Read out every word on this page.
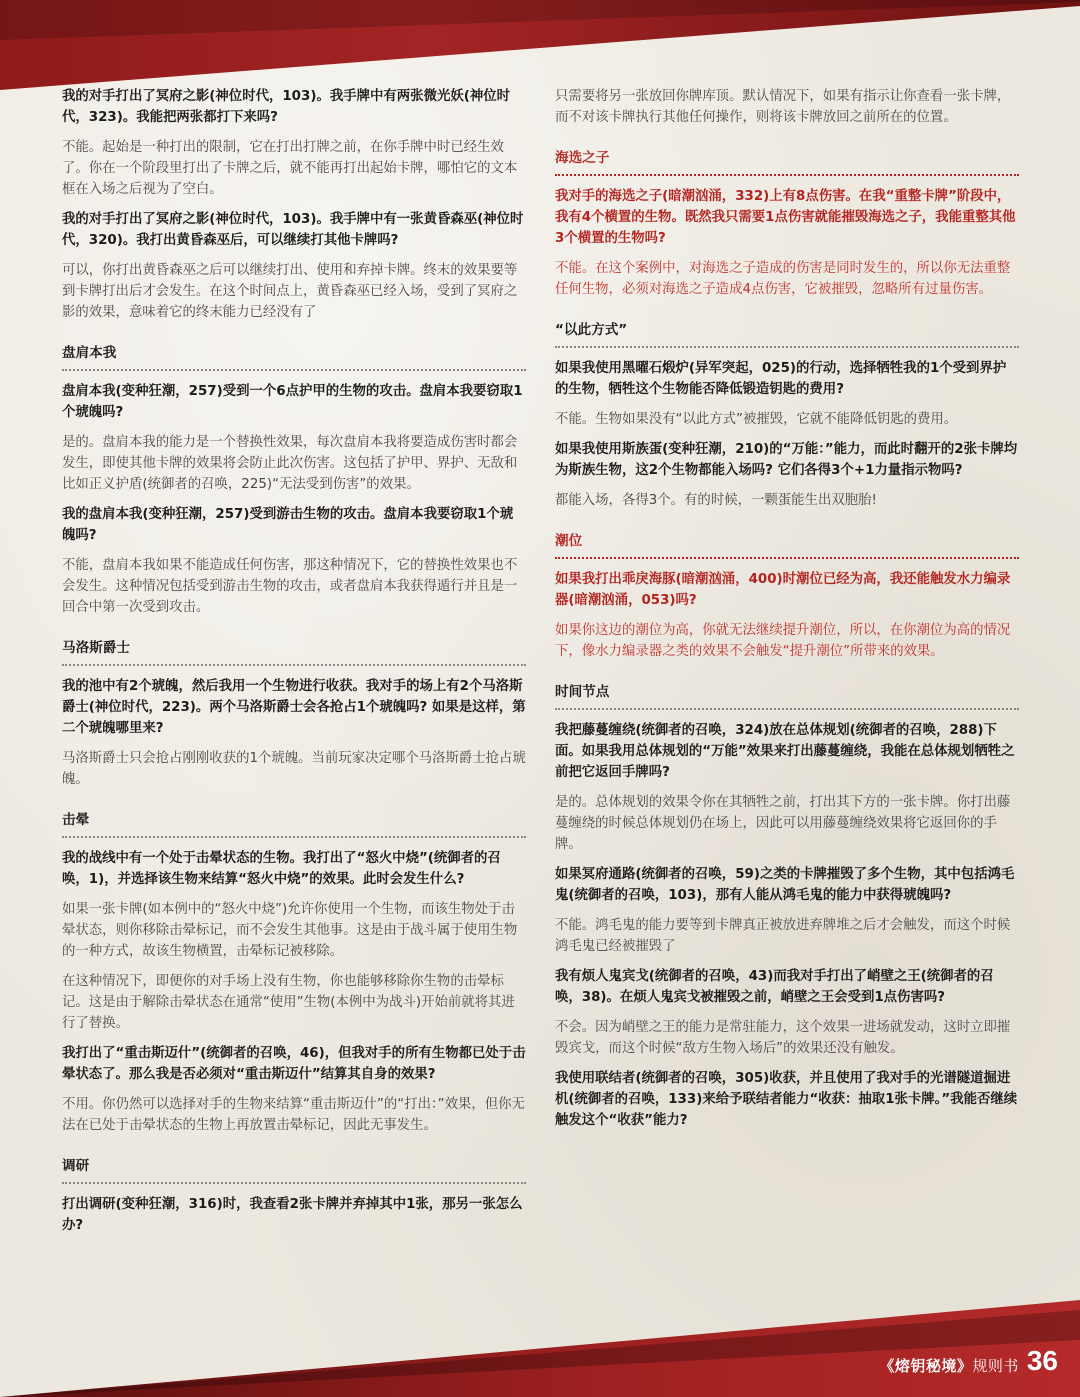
我的对手打出了冥府之影(神位时代，103)。我手牌中有两张微光妖(神位时代，323)。我能把两张都打下来吗?
不能。起始是一种打出的限制，它在打出打牌之前，在你手牌中时已经生效了。你在一个阶段里打出了卡牌之后，就不能再打出起始卡牌，哪怕它的文本框在入场之后视为了空白。
我的对手打出了冥府之影(神位时代，103)。我手牌中有一张黄昏森巫(神位时代，320)。我打出黄昏森巫后，可以继续打其他卡牌吗?
可以，你打出黄昏森巫之后可以继续打出、使用和弃掉卡牌。终末的效果要等到卡牌打出后才会发生。在这个时间点上，黄昏森巫已经入场，受到了冥府之影的效果，意味着它的终末能力已经没有了
盘肩本我
盘肩本我(变种狂潮，257)受到一个6点护甲的生物的攻击。盘肩本我要窃取1个琥魄吗?
是的。盘肩本我的能力是一个替换性效果，每次盘肩本我将要造成伤害时都会发生，即使其他卡牌的效果将会防止此次伤害。这包括了护甲、界护、无敌和比如正义护盾(统御者的召唤，225)“无法受到伤害”的效果。
我的盘肩本我(变种狂潮，257)受到游击生物的攻击。盘肩本我要窃取1个琥魄吗?
不能，盘肩本我如果不能造成任何伤害，那这种情况下，它的替换性效果也不会发生。这种情况包括受到游击生物的攻击，或者盘肩本我获得遁行并且是一回合中第一次受到攻击。
马洛斯爵士
我的池中有2个琥魄，然后我用一个生物进行收获。我对手的场上有2个马洛斯爵士(神位时代，223)。两个马洛斯爵士会各抢占1个琥魄吗? 如果是这样，第二个琥魄哪里来?
马洛斯爵士只会抢占刚刚收获的1个琥魄。当前玩家决定哪个马洛斯爵士抢占琥魄。
击晕
我的战线中有一个处于击晕状态的生物。我打出了“怒火中烧”(统御者的召唤，1)，并选择该生物来结算“怒火中烧”的效果。此时会发生什么?
如果一张卡牌(如本例中的“怒火中烧”)允许你使用一个生物，而该生物处于击晕状态，则你移除击晕标记，而不会发生其他事。这是由于战斗属于使用生物的一种方式，故该生物横置，击晕标记被移除。
在这种情况下，即便你的对手场上没有生物，你也能够移除你生物的击晕标记。这是由于解除击晕状态在通常“使用”生物(本例中为战斗)开始前就将其进行了替换。
我打出了“重击斯迈什”(统御者的召唤，46)，但我对手的所有生物都已处于击晕状态了。那么我是否必须对“重击斯迈什”结算其自身的效果?
不用。你仍然可以选择对手的生物来结算“重击斯迈什”的“打出：”效果，但你无法在已处于击晕状态的生物上再放置击晕标记，因此无事发生。
调研
打出调研(变种狂潮，316)时，我查看2张卡牌并弃掉其中1张，那另一张怎么办?
只需要将另一张放回你牌库顶。默认情况下，如果有指示让你查看一张卡牌，而不对该卡牌执行其他任何操作，则将该卡牌放回之前所在的位置。
海选之子
我对手的海选之子(暗潮汹涌，332)上有8点伤害。在我“重整卡牌”阶段中，我有4个横置的生物。既然我只需要1点伤害就能摧毁海选之子，我能重整其他3个横置的生物吗?
不能。在这个案例中，对海选之子造成的伤害是同时发生的，所以你无法重整任何生物，必须对海选之子造成4点伤害，它被摧毁，忽略所有过量伤害。
“以此方式”
如果我使用黑曜石煅炉(异军突起，025)的行动，选择牺牲我的1个受到界护的生物，牺牲这个生物能否降低锻造钥匙的费用?
不能。生物如果没有“以此方式”被摧毁，它就不能降低钥匙的费用。
如果我使用斯族蛋(变种狂潮，210)的“万能：”能力，而此时翻开的2张卡牌均为斯族生物，这2个生物都能入场吗? 它们各得3个+1力量指示物吗?
都能入场，各得3个。有的时候，一颗蛋能生出双胞胎!
潮位
如果我打出乖戾海豚(暗潮汹涌，400)时潮位已经为高，我还能触发水力编录器(暗潮汹涌，053)吗?
如果你这边的潮位为高，你就无法继续提升潮位，所以，在你潮位为高的情况下，像水力编录器之类的效果不会触发“提升潮位”所带来的效果。
时间节点
我把藤蔓缠绕(统御者的召唤，324)放在总体规划(统御者的召唤，288)下面。如果我用总体规划的“万能”效果来打出藤蔓缠绕，我能在总体规划牺牲之前把它返回手牌吗?
是的。总体规划的效果令你在其牺牲之前，打出其下方的一张卡牌。你打出藤蔓缠绕的时候总体规划仍在场上，因此可以用藤蔓缠绕效果将它返回你的手牌。
如果冥府通路(统御者的召唤，59)之类的卡牌摧毁了多个生物，其中包括鸿毛鬼(统御者的召唤，103)，那有人能从鸿毛鬼的能力中获得琥魄吗?
不能。鸿毛鬼的能力要等到卡牌真正被放进弃牌堆之后才会触发，而这个时候鸿毛鬼已经被摧毁了
我有烦人鬼宾戈(统御者的召唤，43)而我对手打出了峭壁之王(统御者的召唤，38)。在烦人鬼宾戈被摧毁之前，峭壁之王会受到1点伤害吗?
不会。因为峭壁之王的能力是常驻能力，这个效果一进场就发动，这时立即摧毁宾戈，而这个时候“敌方生物入场后”的效果还没有触发。
我使用联结者(统御者的召唤，305)收获，并且使用了我对手的光谱隧道掘进机(统御者的召唤，133)来给予联结者能力“收获：抽取1张卡牌。”我能否继续触发这个“收获”能力?
《熔钥秘境》规则书 36
